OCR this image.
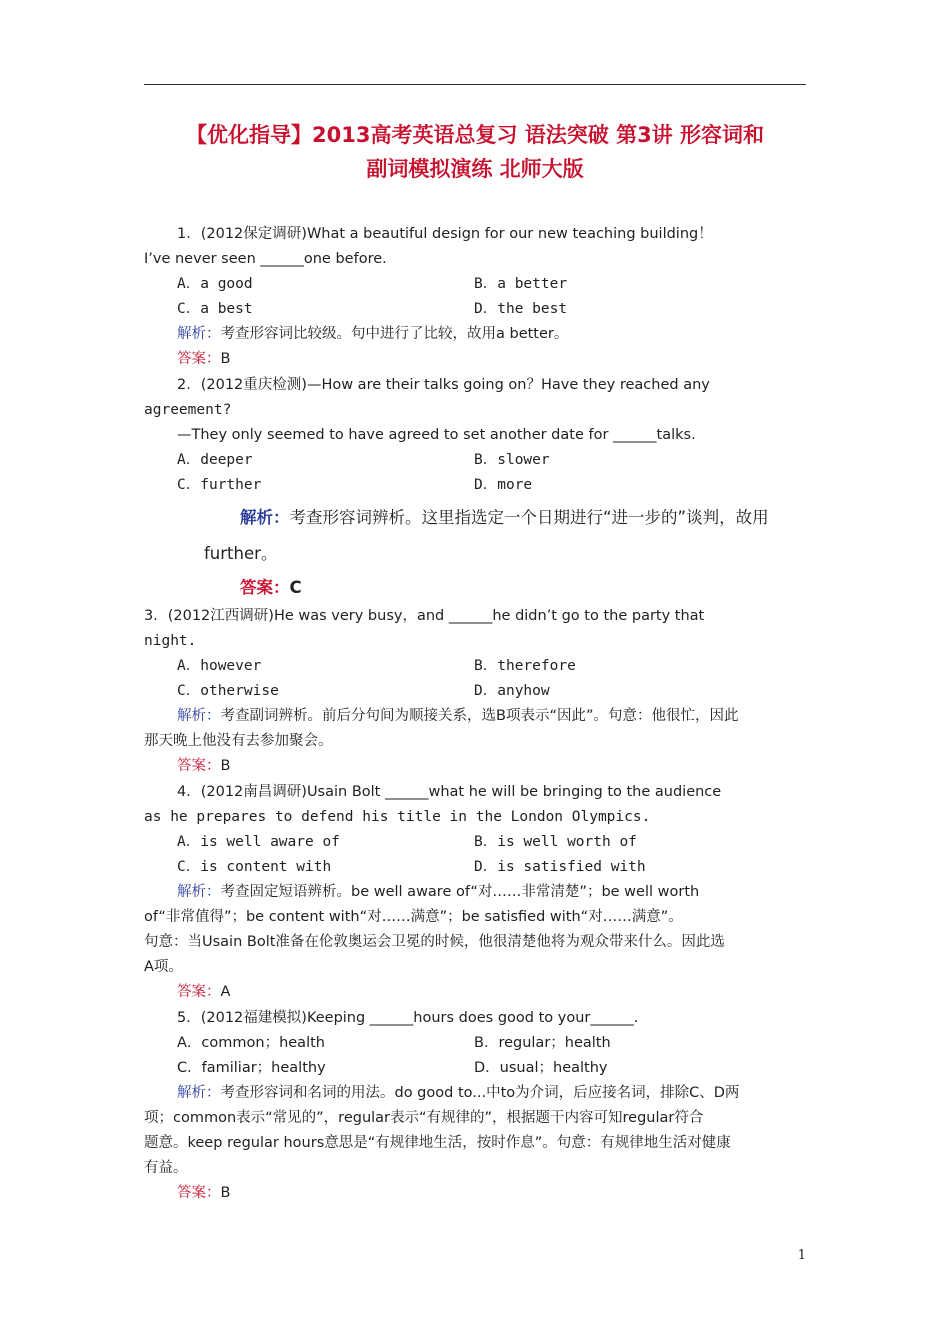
【优化指导】2013高考英语总复习 语法突破 第3讲 形容词和
副词模拟演练 北师大版
1．(2012保定调研)What a beautiful design for our new teaching building！
I’ve never seen ______one before.
A．a good	B．a better
C．a best	D．the best
解析：考查形容词比较级。句中进行了比较，故用a better。
答案：B
2．(2012重庆检测)—How are their talks going on？Have they reached any
agreement?
—They only seemed to have agreed to set another date for ______talks.
A．deeper	B．slower
C．further	D．more
解析：考查形容词辨析。这里指选定一个日期进行“进一步的”谈判，故用
further。
答案：C
3．(2012江西调研)He was very busy，and ______he didn’t go to the party that
night.
A．however	B．therefore
C．otherwise	D．anyhow
解析：考查副词辨析。前后分句间为顺接关系，选B项表示“因此”。句意：他很忙，因此
那天晚上他没有去参加聚会。
答案：B
4．(2012南昌调研)Usain Bolt ______what he will be bringing to the audience
as he prepares to defend his title in the London Olympics.
A．is well aware of	B．is well worth of
C．is content with	D．is satisfied with
解析：考查固定短语辨析。be well aware of“对……非常清楚”；be well worth
of“非常值得”；be content with“对……满意”；be satisfied with“对……满意”。
句意：当Usain Bolt准备在伦敦奥运会卫冕的时候，他很清楚他将为观众带来什么。因此选
A项。
答案：A
5．(2012福建模拟)Keeping ______hours does good to your______.
A．common；health	B．regular；health
C．familiar；healthy	D．usual；healthy
解析：考查形容词和名词的用法。do good to...中to为介词，后应接名词，排除C、D两
项；common表示“常见的”，regular表示“有规律的”，根据题干内容可知regular符合
题意。keep regular hours意思是“有规律地生活，按时作息”。句意：有规律地生活对健康
有益。
答案：B
1
